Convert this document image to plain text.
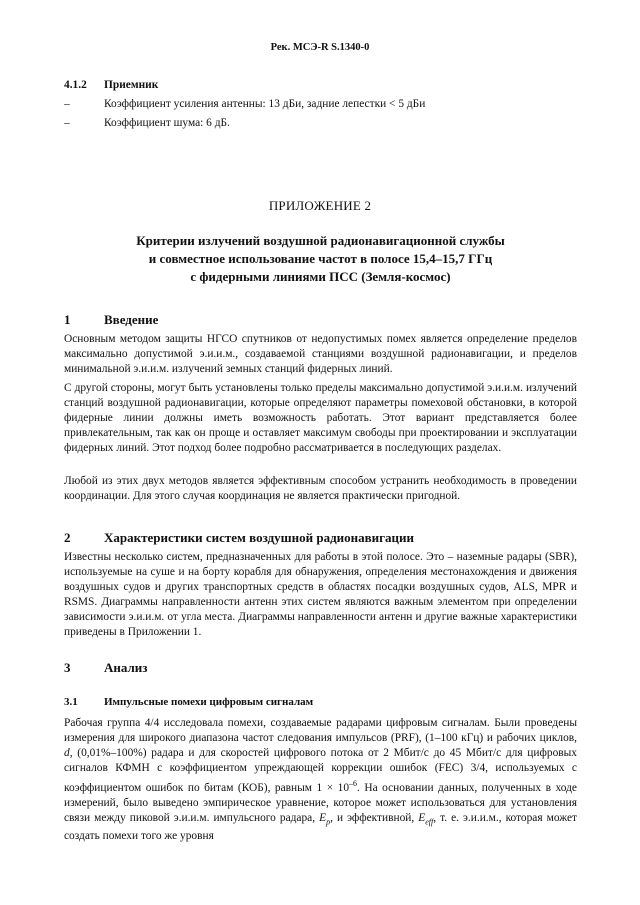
Рек. МСЭ-R S.1340-0
4.1.2 Приемник
–	Коэффициент усиления антенны: 13 дБи, задние лепестки < 5 дБи
–	Коэффициент шума: 6 дБ.
ПРИЛОЖЕНИЕ 2
Критерии излучений воздушной радионавигационной службы
и совместное использование частот в полосе 15,4–15,7 ГГц
с фидерными линиями ПСС (Земля-космос)
1	Введение

Основным методом защиты НГСО спутников от недопустимых помех является определение пределов максимально допустимой э.и.и.м., создаваемой станциями воздушной радионавигации, и пределов минимальной э.и.и.м. излучений земных станций фидерных линий.

С другой стороны, могут быть установлены только пределы максимально допустимой э.и.и.м. излучений станций воздушной радионавигации, которые определяют параметры помеховой обстановки, в которой фидерные линии должны иметь возможность работать. Этот вариант представляется более привлекательным, так как он проще и оставляет максимум свободы при проектировании и эксплуатации фидерных линий. Этот подход более подробно рассматривается в последующих разделах.

Любой из этих двух методов является эффективным способом устранить необходимость в проведении координации. Для этого случая координация не является практически пригодной.

2	Характеристики систем воздушной радионавигации

Известны несколько систем, предназначенных для работы в этой полосе. Это – наземные радары (SBR), используемые на суше и на борту корабля для обнаружения, определения местонахождения и движения воздушных судов и других транспортных средств в областях посадки воздушных судов, ALS, MPR и RSMS. Диаграммы направленности антенн этих систем являются важным элементом при определении зависимости э.и.и.м. от угла места. Диаграммы направленности антенн и другие важные характеристики приведены в Приложении 1.

3	Анализ
3.1 Импульсные помехи цифровым сигналам

Рабочая группа 4/4 исследовала помехи, создаваемые радарами цифровым сигналам. Были проведены измерения для широкого диапазона частот следования импульсов (PRF), (1–100 кГц) и рабочих циклов, d, (0,01%–100%) радара и для скоростей цифрового потока от 2 Мбит/с до 45 Мбит/с для цифровых сигналов КФМН с коэффициентом упреждающей коррекции ошибок (FEC) 3/4, используемых с коэффициентом ошибок по битам (КОБ), равным $1 \times 10^{-6}$. На основании данных, полученных в ходе измерений, было выведено эмпирическое уравнение, которое может использоваться для установления связи между пиковой э.и.и.м. импульсного радара, $E_p$, и эффективной, $E_{eff}$, т. е. э.и.и.м., которая может создать помехи того же уровня
